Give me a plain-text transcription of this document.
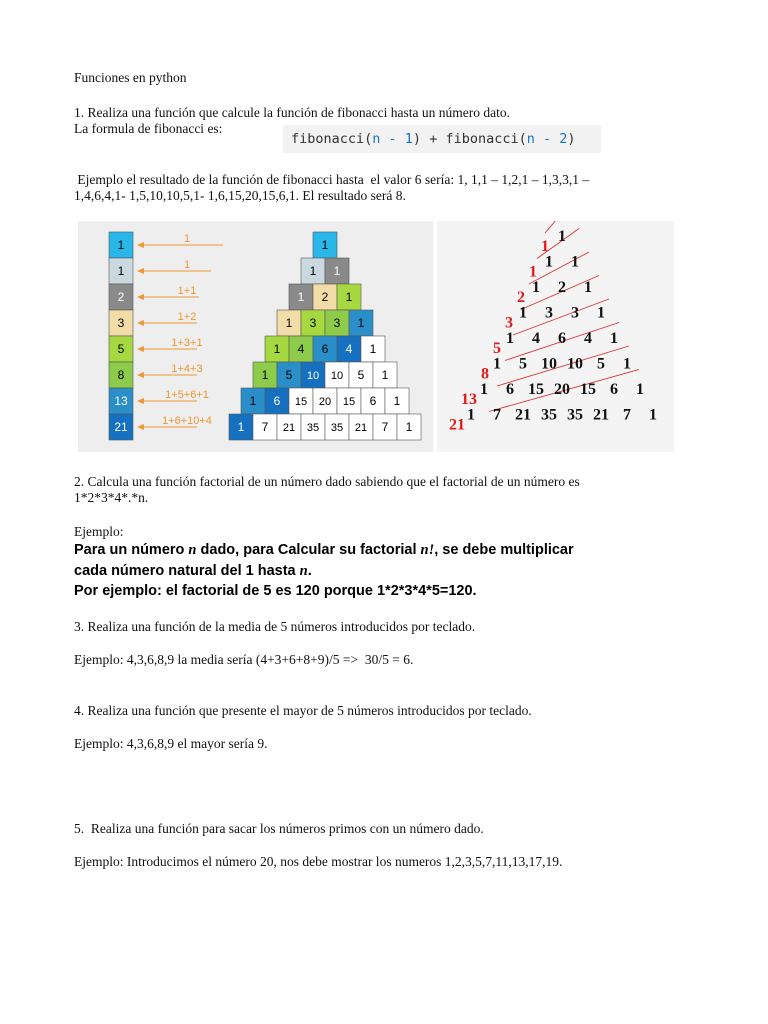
Funciones en python
1. Realiza una función que calcule la función de fibonacci hasta un número dato.
La formula de fibonacci es:
fibonacci(n - 1) + fibonacci(n - 2)
Ejemplo el resultado de la función de fibonacci hasta  el valor 6 sería: 1, 1,1 – 1,2,1 – 1,3,3,1 –
1,4,6,4,1- 1,5,10,10,5,1- 1,6,15,20,15,6,1. El resultado será 8.
1
1
2
3
5
8
13
21
1
1
1+1
1+2
1+3+1
1+4+3
1+5+6+1
1+6+10+4
1
1 1
1 2 1
1 3 3 1
1 4 6 4 1
1 5 10 10 5 1
1 6 15 20 15 6 1
1 7 21 35 35 21 7 1
1
1 1
1 2 1
1 3 3 1
1 4 6 4 1
1 5 10 10 5 1
1 6 15 20 15 6 1
1 7 21 35 35 21 7 1
1
1
2
3
5
8
13
21
2. Calcula una función factorial de un número dado sabiendo que el factorial de un número es
1*2*3*4*.*n.
Ejemplo:
Para un número n dado, para Calcular su factorial n!, se debe multiplicar
cada número natural del 1 hasta n.
Por ejemplo: el factorial de 5 es 120 porque 1*2*3*4*5=120.
3. Realiza una función de la media de 5 números introducidos por teclado.
Ejemplo: 4,3,6,8,9 la media sería (4+3+6+8+9)/5 =>  30/5 = 6.
4. Realiza una función que presente el mayor de 5 números introducidos por teclado.
Ejemplo: 4,3,6,8,9 el mayor sería 9.
5.  Realiza una función para sacar los números primos con un número dado.
Ejemplo: Introducimos el número 20, nos debe mostrar los numeros 1,2,3,5,7,11,13,17,19.
